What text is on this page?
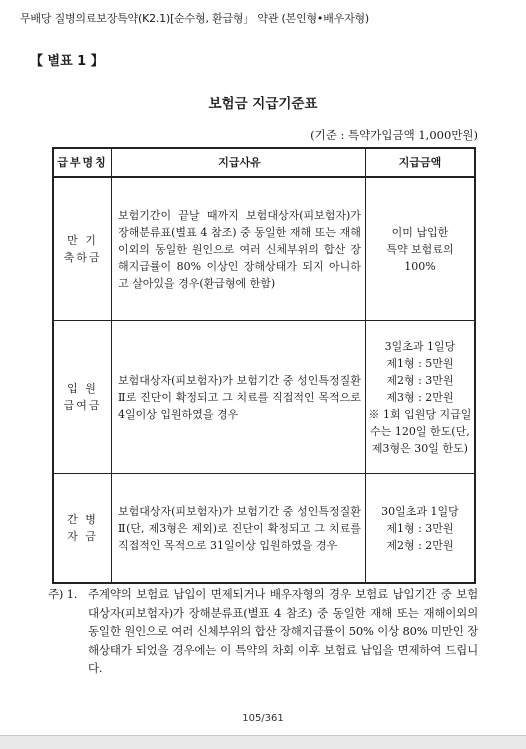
무배당 질병의료보장특약(K2.1)[순수형, 환급형」 약관 (본인형•배우자형)
【 별표 1 】
보험금 지급기준표
(기준 : 특약가입금액 1,000만원)
급부명칭	지급사유	지급금액

만 기
축하금	보험기간이 끝날 때까지 보험대상자(피보험자)가 장해분류표(별표 4 참조) 중 동일한 재해 또는 재해이외의 동일한 원인으로 여러 신체부위의 합산 장해지급률이 80% 이상인 장해상태가 되지 아니하고 살아있을 경우(환급형에 한함)	이미 납입한
특약 보험료의
100%

입 원
급여금	보험대상자(피보험자)가 보험기간 중 성인특정질환Ⅱ로 진단이 확정되고 그 치료를 직접적인 목적으로 4일이상 입원하였을 경우	3일초과 1일당
제1형 : 5만원
제2형 : 3만원
제3형 : 2만원
※ 1회 입원당 지급일수는 120일 한도(단, 제3형은 30일 한도)

간 병
자 금	보험대상자(피보험자)가 보험기간 중 성인특정질환Ⅱ(단, 제3형은 제외)로 진단이 확정되고 그 치료를 직접적인 목적으로 31일이상 입원하였을 경우	30일초과 1일당
제1형 : 3만원
제2형 : 2만원
주) 1. 주계약의 보험료 납입이 면제되거나 배우자형의 경우 보험료 납입기간 중 보험대상자(피보험자)가 장해분류표(별표 4 참조) 중 동일한 재해 또는 재해이외의 동일한 원인으로 여러 신체부위의 합산 장해지급률이 50% 이상 80% 미만인 장해상태가 되었을 경우에는 이 특약의 차회 이후 보험료 납입을 면제하여 드립니다.
105/361
